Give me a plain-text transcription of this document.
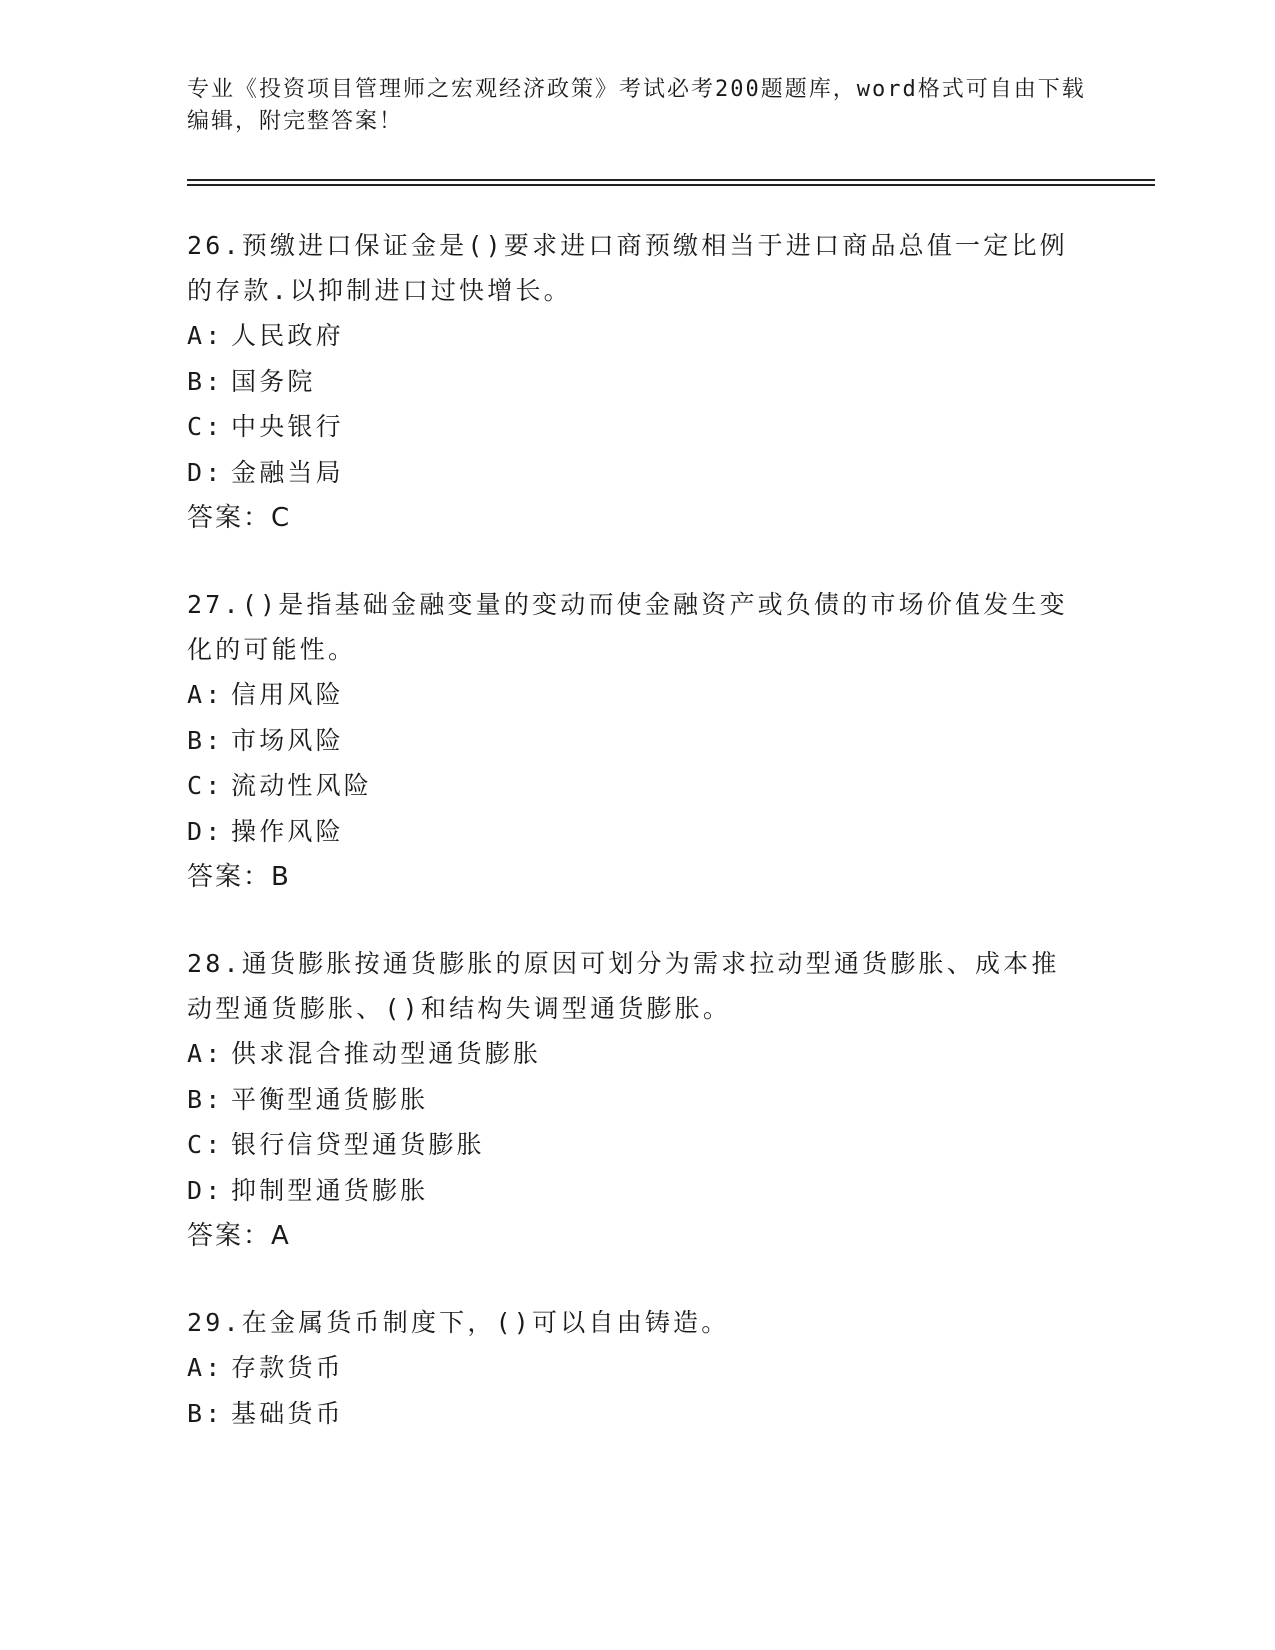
专业《投资项目管理师之宏观经济政策》考试必考200题题库，word格式可自由下载编辑，附完整答案！

26.预缴进口保证金是()要求进口商预缴相当于进口商品总值一定比例的存款.以抑制进口过快增长。

A: 人民政府

B: 国务院

C: 中央银行

D: 金融当局

答案：C

27.()是指基础金融变量的变动而使金融资产或负债的市场价值发生变化的可能性。

A: 信用风险

B: 市场风险

C: 流动性风险

D: 操作风险

答案：B

28.通货膨胀按通货膨胀的原因可划分为需求拉动型通货膨胀、成本推动型通货膨胀、()和结构失调型通货膨胀。

A: 供求混合推动型通货膨胀

B: 平衡型通货膨胀

C: 银行信贷型通货膨胀

D: 抑制型通货膨胀

答案：A

29.在金属货币制度下，()可以自由铸造。

A: 存款货币

B: 基础货币
